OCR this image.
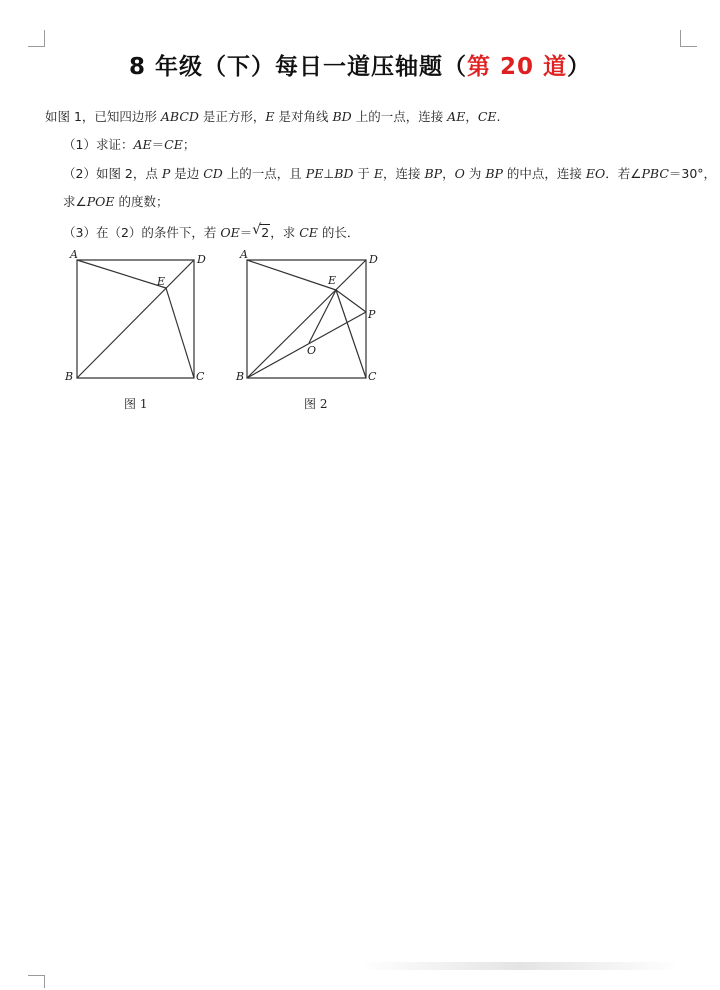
8 年级（下）每日一道压轴题（第 20 道）
如图 1，已知四边形 ABCD 是正方形，E 是对角线 BD 上的一点，连接 AE，CE.
（1）求证：AE＝CE；
（2）如图 2，点 P 是边 CD 上的一点，且 PE⊥BD 于 E，连接 BP，O 为 BP 的中点，连接 EO．若∠PBC＝30°，
求∠POE 的度数；
（3）在（2）的条件下，若 OE＝ √ 2，求 CE 的长．
A	D
E
B	C
图 1
A	D
E
P
O
B	C
图 2
